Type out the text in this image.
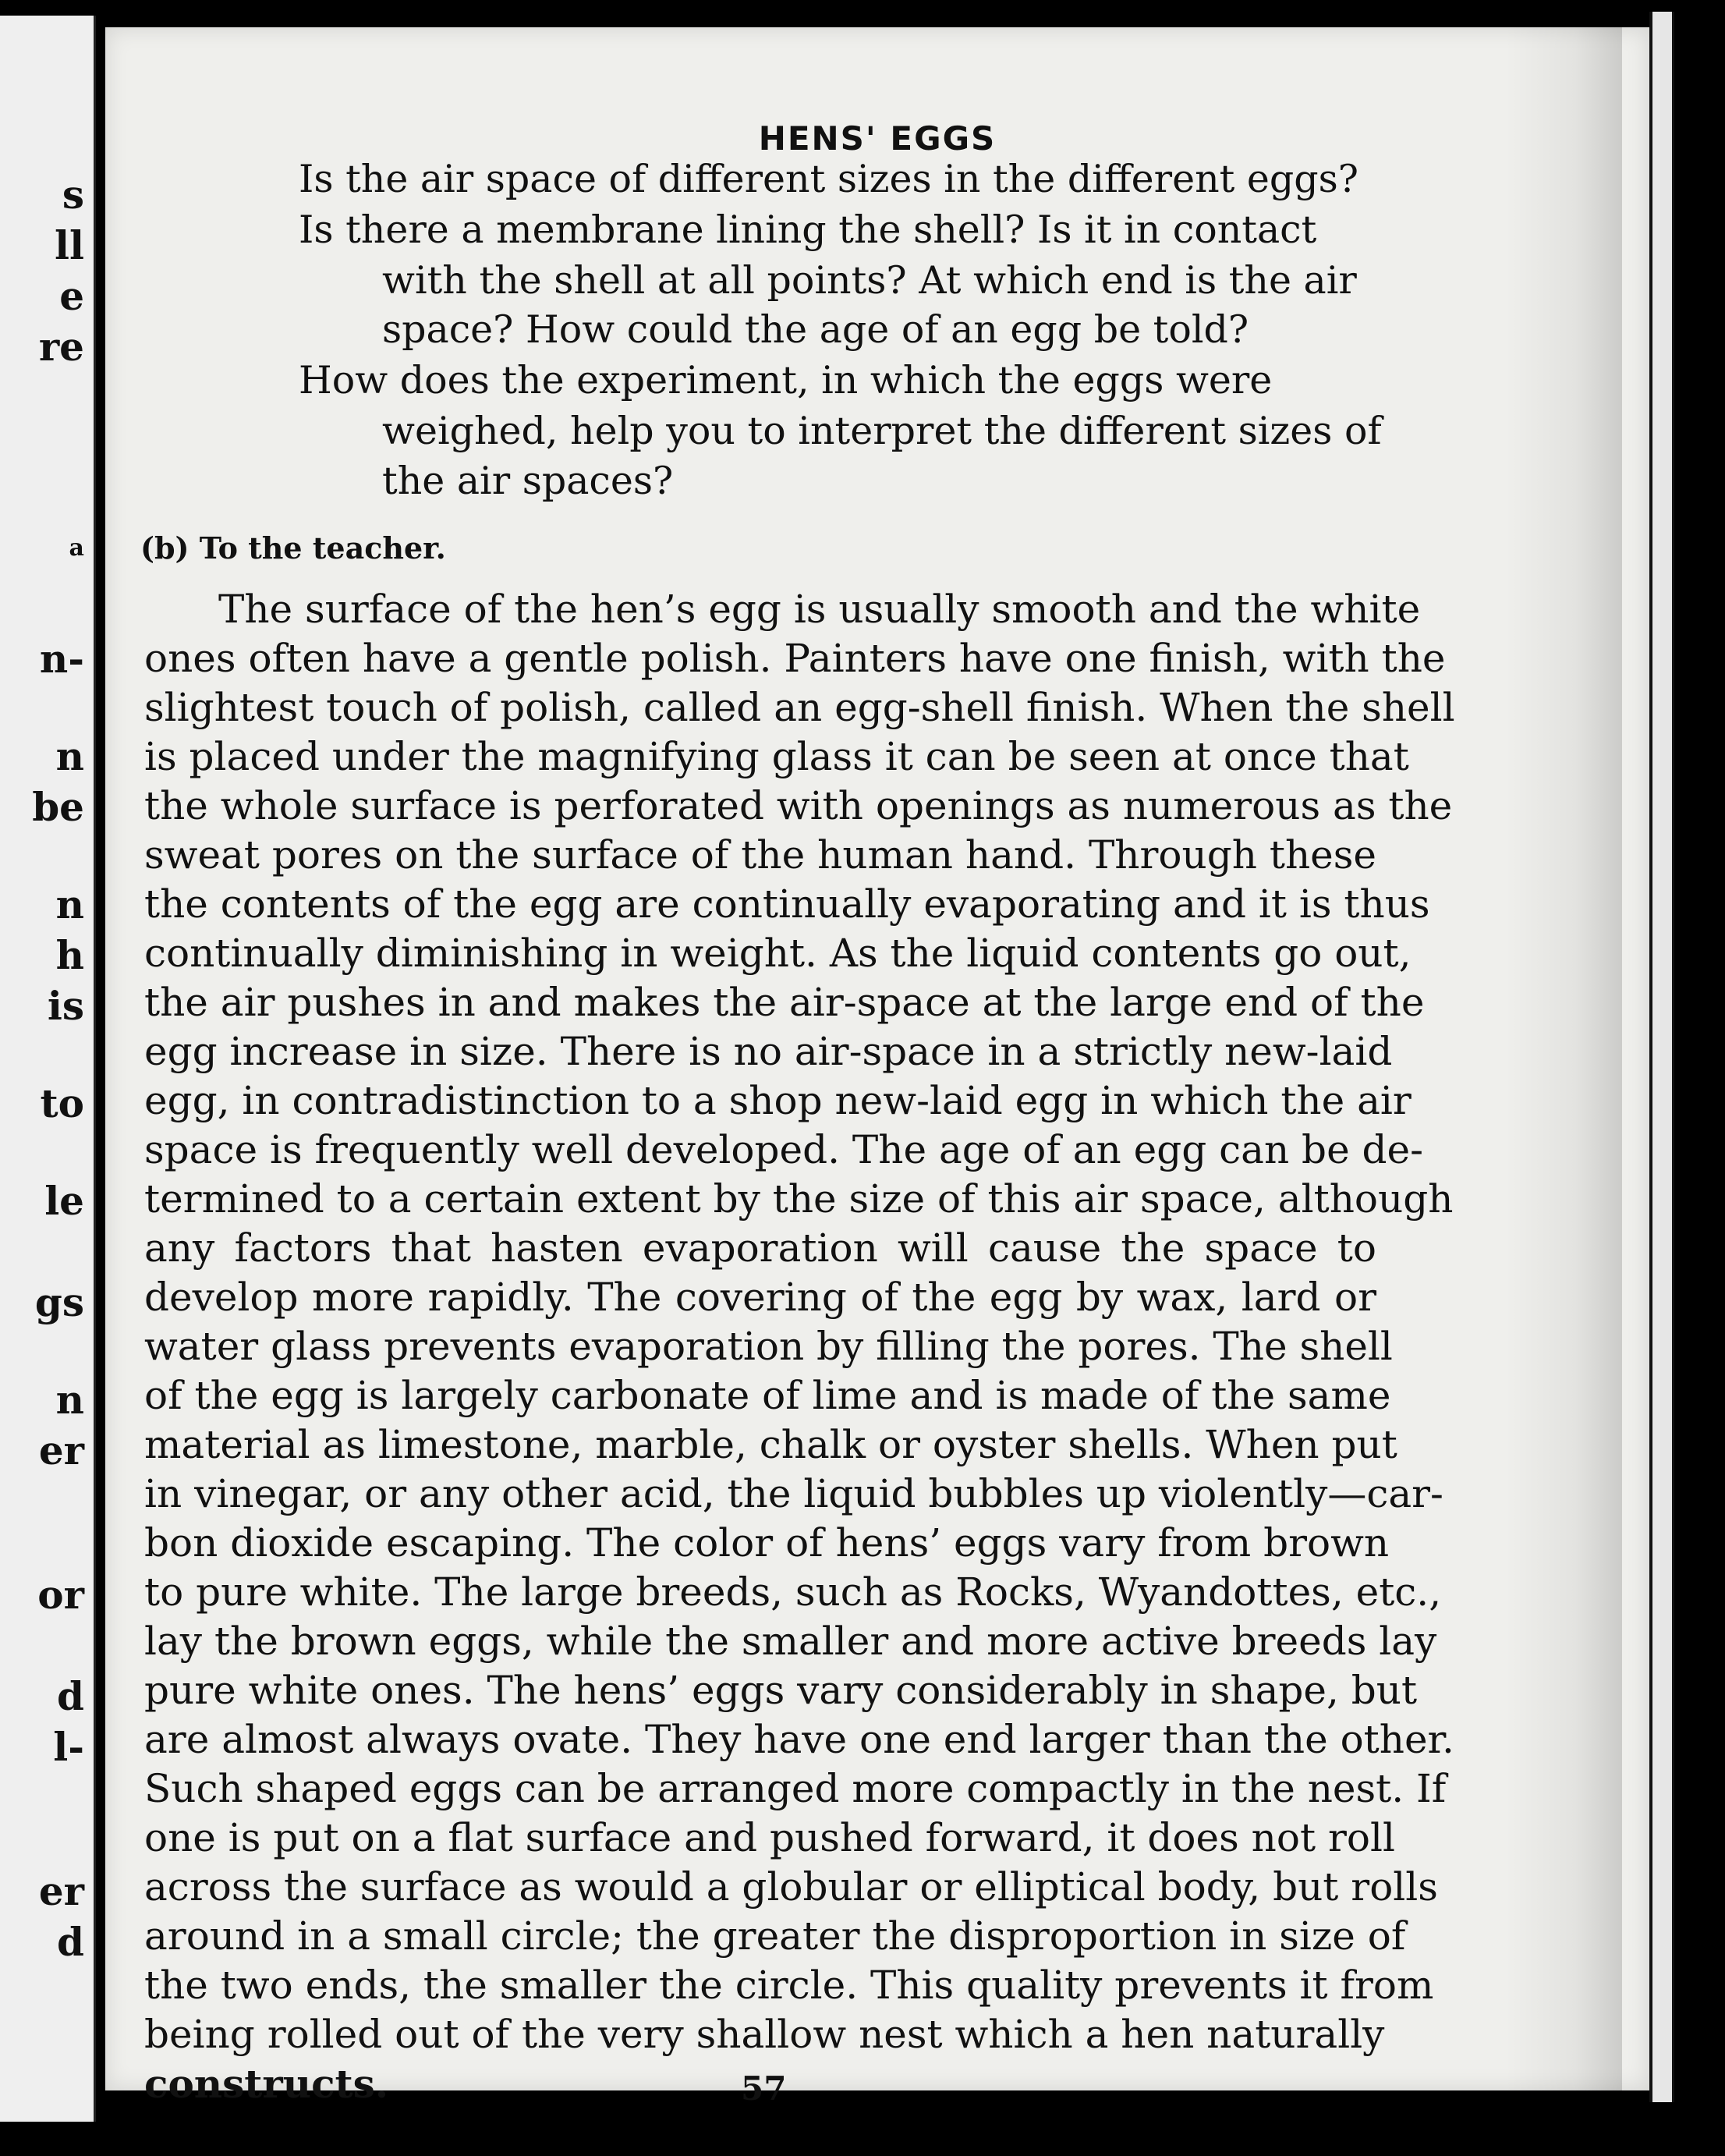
s
ll
e
re
a
n-
n
be
n
h
is
to
le
gs
n
er
or
d
l-
er
d
HENS' EGGS
Is the air space of different sizes in the different eggs?
Is there a membrane lining the shell? Is it in contact
with the shell at all points? At which end is the air
space? How could the age of an egg be told?
How does the experiment, in which the eggs were
weighed, help you to interpret the different sizes of
the air spaces?
(b) To the teacher.
The surface of the hen’s egg is usually smooth and the white
ones often have a gentle polish. Painters have one finish, with the
slightest touch of polish, called an egg-shell finish. When the shell
is placed under the magnifying glass it can be seen at once that
the whole surface is perforated with openings as numerous as the
sweat pores on the surface of the human hand. Through these
the contents of the egg are continually evaporating and it is thus
continually diminishing in weight. As the liquid contents go out,
the air pushes in and makes the air-space at the large end of the
egg increase in size. There is no air-space in a strictly new-laid
egg, in contradistinction to a shop new-laid egg in which the air
space is frequently well developed. The age of an egg can be de-
termined to a certain extent by the size of this air space, although
any factors that hasten evaporation will cause the space to
develop more rapidly. The covering of the egg by wax, lard or
water glass prevents evaporation by filling the pores. The shell
of the egg is largely carbonate of lime and is made of the same
material as limestone, marble, chalk or oyster shells. When put
in vinegar, or any other acid, the liquid bubbles up violently—car-
bon dioxide escaping. The color of hens’ eggs vary from brown
to pure white. The large breeds, such as Rocks, Wyandottes, etc.,
lay the brown eggs, while the smaller and more active breeds lay
pure white ones. The hens’ eggs vary considerably in shape, but
are almost always ovate. They have one end larger than the other.
Such shaped eggs can be arranged more compactly in the nest. If
one is put on a flat surface and pushed forward, it does not roll
across the surface as would a globular or elliptical body, but rolls
around in a small circle; the greater the disproportion in size of
the two ends, the smaller the circle. This quality prevents it from
being rolled out of the very shallow nest which a hen naturally
constructs.	57
